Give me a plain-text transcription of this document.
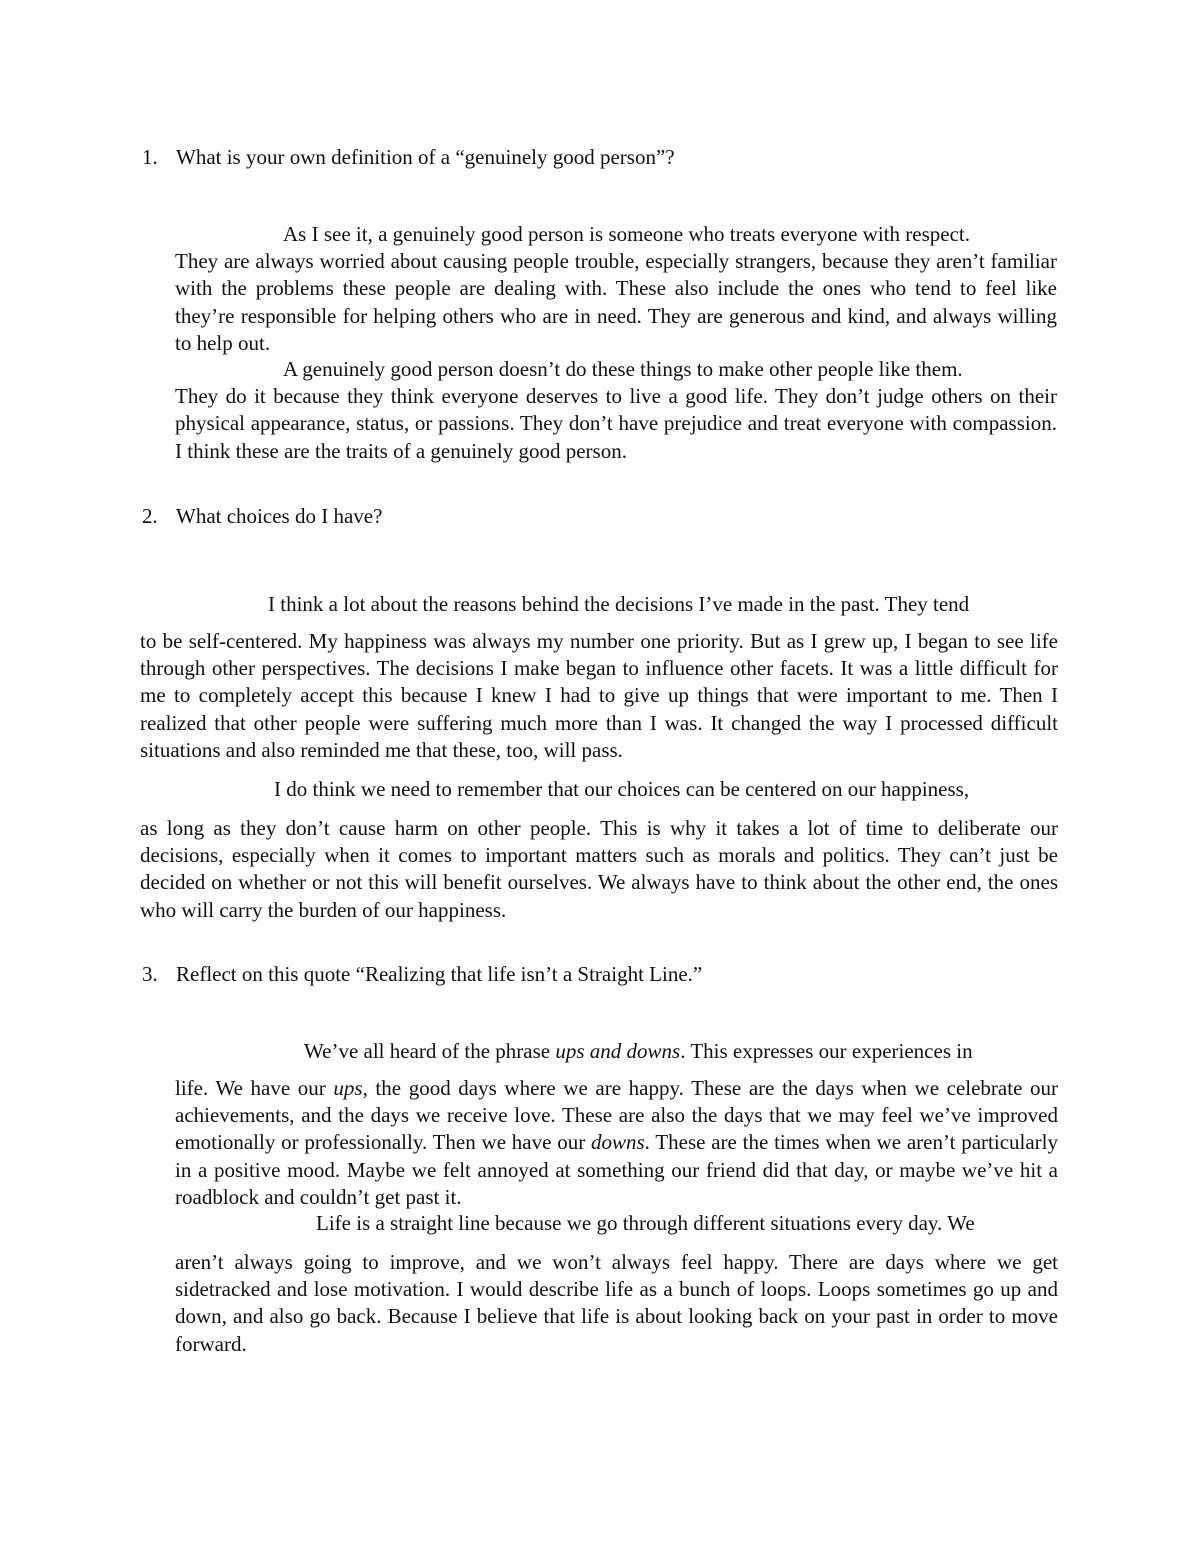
1. What is your own definition of a “genuinely good person”?

As I see it, a genuinely good person is someone who treats everyone with respect.
They are always worried about causing people trouble, especially strangers, because they aren’t familiar with the problems these people are dealing with. These also include the ones who tend to feel like they’re responsible for helping others who are in need. They are generous and kind, and always willing to help out.

A genuinely good person doesn’t do these things to make other people like them.
They do it because they think everyone deserves to live a good life. They don’t judge others on their physical appearance, status, or passions. They don’t have prejudice and treat everyone with compassion. I think these are the traits of a genuinely good person.

2. What choices do I have?

I think a lot about the reasons behind the decisions I’ve made in the past. They tend

to be self-centered. My happiness was always my number one priority. But as I grew up, I began to see life through other perspectives. The decisions I make began to influence other facets. It was a little difficult for me to completely accept this because I knew I had to give up things that were important to me. Then I realized that other people were suffering much more than I was. It changed the way I processed difficult situations and also reminded me that these, too, will pass.

I do think we need to remember that our choices can be centered on our happiness,

as long as they don’t cause harm on other people. This is why it takes a lot of time to deliberate our decisions, especially when it comes to important matters such as morals and politics. They can’t just be decided on whether or not this will benefit ourselves. We always have to think about the other end, the ones who will carry the burden of our happiness.

3. Reflect on this quote “Realizing that life isn’t a Straight Line.”

We’ve all heard of the phrase ups and downs. This expresses our experiences in

life. We have our ups, the good days where we are happy. These are the days when we celebrate our achievements, and the days we receive love. These are also the days that we may feel we’ve improved emotionally or professionally. Then we have our downs. These are the times when we aren’t particularly in a positive mood. Maybe we felt annoyed at something our friend did that day, or maybe we’ve hit a roadblock and couldn’t get past it.

Life is a straight line because we go through different situations every day. We

aren’t always going to improve, and we won’t always feel happy. There are days where we get sidetracked and lose motivation. I would describe life as a bunch of loops. Loops sometimes go up and down, and also go back. Because I believe that life is about looking back on your past in order to move forward.
